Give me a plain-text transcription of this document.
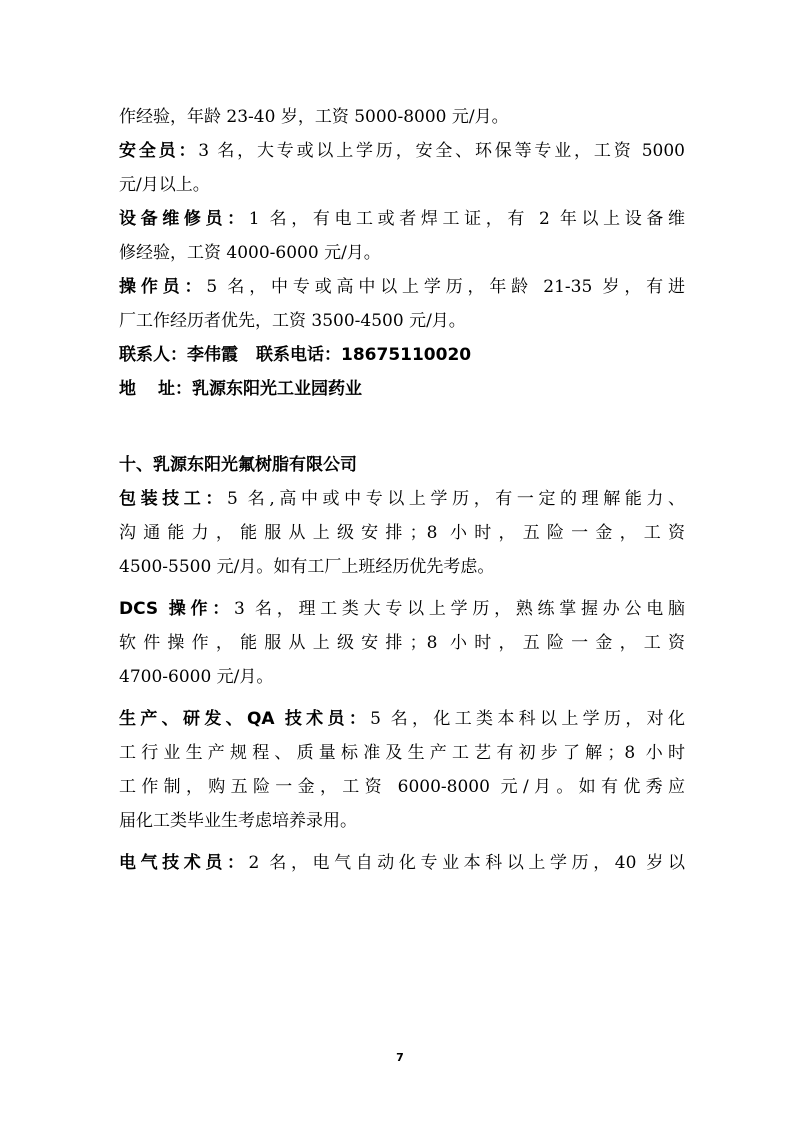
作经验，年龄 23-40 岁，工资 5000-8000 元/月。

安全员：3 名，大专或以上学历，安全、环保等专业，工资 5000

元/月以上。

设备维修员：1 名，有电工或者焊工证，有 2 年以上设备维

修经验，工资 4000-6000 元/月。

操作员：5 名，中专或高中以上学历，年龄 21-35 岁，有进

厂工作经历者优先，工资 3500-4500 元/月。

联系人：李伟霞 联系电话：18675110020

地 址：乳源东阳光工业园药业

十、乳源东阳光氟树脂有限公司

包装技工：5 名,高中或中专以上学历，有一定的理解能力、

沟通能力，能服从上级安排；8 小时，五险一金，工资

4500-5500 元/月。如有工厂上班经历优先考虑。

DCS 操作：3 名，理工类大专以上学历，熟练掌握办公电脑

软件操作，能服从上级安排；8 小时，五险一金，工资

4700-6000 元/月。

生产、研发、QA 技术员：5 名，化工类本科以上学历，对化

工行业生产规程、质量标准及生产工艺有初步了解；8 小时

工作制，购五险一金，工资 6000-8000 元/月。如有优秀应

届化工类毕业生考虑培养录用。

电气技术员：2 名，电气自动化专业本科以上学历，40 岁以

7
